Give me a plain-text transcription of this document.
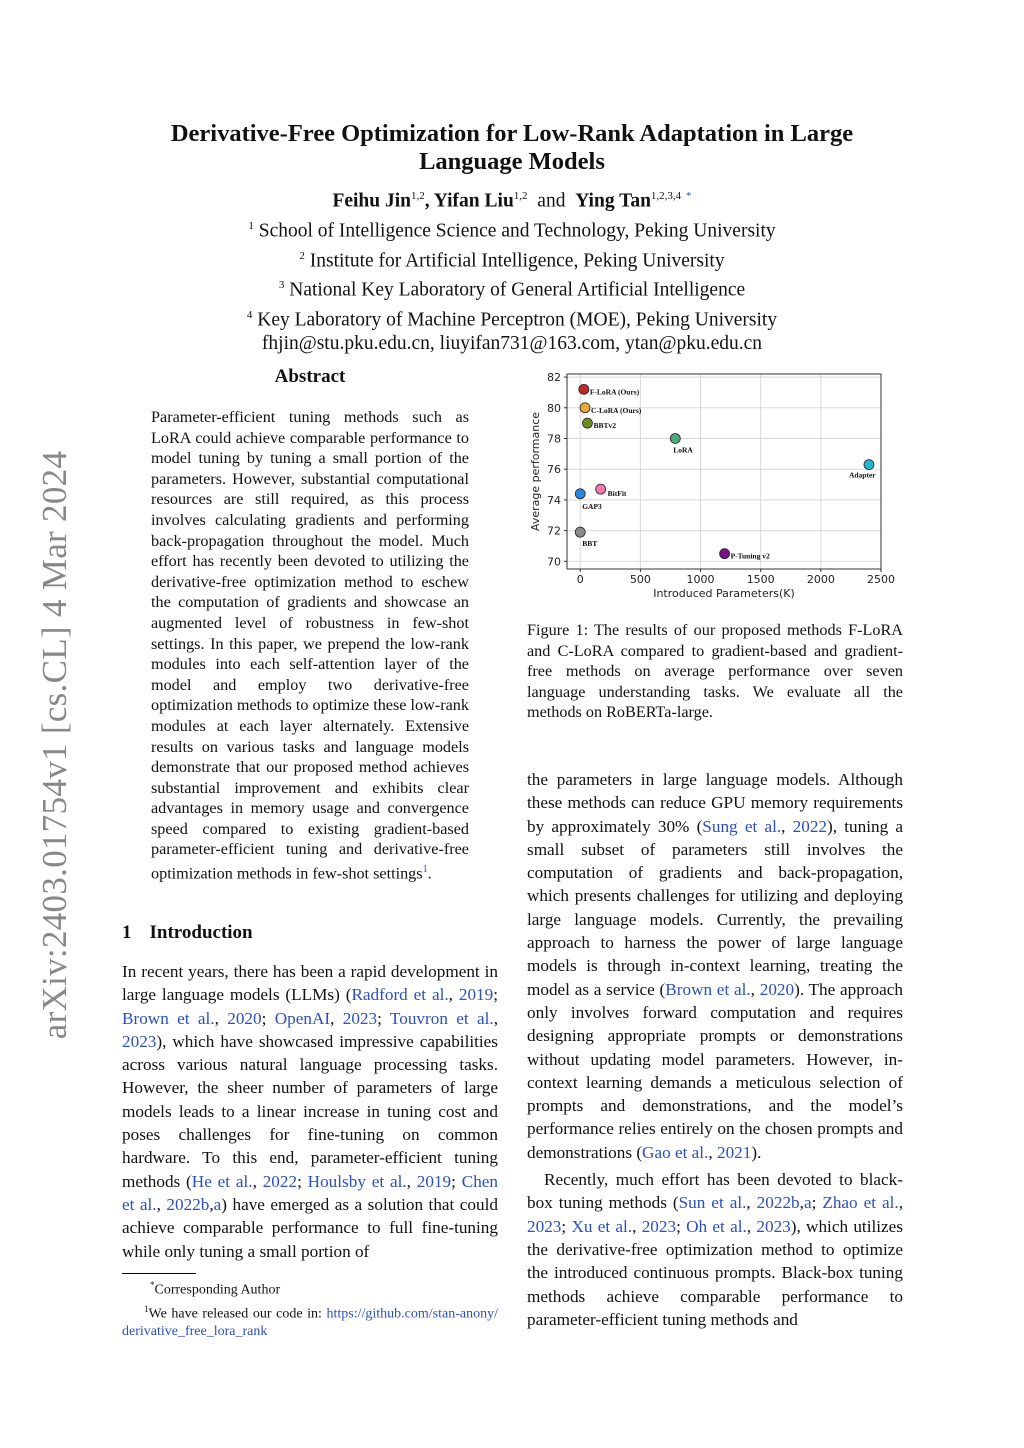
arXiv:2403.01754v1 [cs.CL] 4 Mar 2024
Derivative-Free Optimization for Low-Rank Adaptation in Large Language Models
Feihu Jin$^{1,2}$, Yifan Liu$^{1,2}$ and Ying Tan$^{1,2,3,4}$ *
$^1$ School of Intelligence Science and Technology, Peking University
$^2$ Institute for Artificial Intelligence, Peking University
$^3$ National Key Laboratory of General Artificial Intelligence
$^4$ Key Laboratory of Machine Perceptron (MOE), Peking University
fhjin@stu.pku.edu.cn, liuyifan731@163.com, ytan@pku.edu.cn
Abstract
Parameter-efficient tuning methods such as LoRA could achieve comparable performance to model tuning by tuning a small portion of the parameters. However, substantial computational resources are still required, as this process involves calculating gradients and performing back-propagation throughout the model. Much effort has recently been devoted to utilizing the derivative-free optimization method to eschew the computation of gradients and showcase an augmented level of robustness in few-shot settings. In this paper, we prepend the low-rank modules into each self-attention layer of the model and employ two derivative-free optimization methods to optimize these low-rank modules at each layer alternately. Extensive results on various tasks and language models demonstrate that our proposed method achieves substantial improvement and exhibits clear advantages in memory usage and convergence speed compared to existing gradient-based parameter-efficient tuning and derivative-free optimization methods in few-shot settings$^1$.
1 Introduction
In recent years, there has been a rapid development in large language models (LLMs) (Radford et al., 2019; Brown et al., 2020; OpenAI, 2023; Touvron et al., 2023), which have showcased impressive capabilities across various natural language processing tasks. However, the sheer number of parameters of large models leads to a linear increase in tuning cost and poses challenges for fine-tuning on common hardware. To this end, parameter-efficient tuning methods (He et al., 2022; Houlsby et al., 2019; Chen et al., 2022b,a) have emerged as a solution that could achieve comparable performance to full fine-tuning while only tuning a small portion of
*Corresponding Author
$^1$We have released our code in: https://github.com/stan-anony/derivative_free_lora_rank
0	500	1000	1500	2000	2500
70
72
74
76
78
80
82
Introduced Parameters(K)
Average performance
F-LoRA (Ours)
C-LoRA (Ours)
BBTv2
LoRA
Adapter
BitFit
GAP3
BBT
P-Tuning v2
Figure 1: The results of our proposed methods F-LoRA and C-LoRA compared to gradient-based and gradient-free methods on average performance over seven language understanding tasks. We evaluate all the methods on RoBERTa-large.

the parameters in large language models. Although these methods can reduce GPU memory requirements by approximately 30% (Sung et al., 2022), tuning a small subset of parameters still involves the computation of gradients and back-propagation, which presents challenges for utilizing and deploying large language models. Currently, the prevailing approach to harness the power of large language models is through in-context learning, treating the model as a service (Brown et al., 2020). The approach only involves forward computation and requires designing appropriate prompts or demonstrations without updating model parameters. However, in-context learning demands a meticulous selection of prompts and demonstrations, and the model’s performance relies entirely on the chosen prompts and demonstrations (Gao et al., 2021).

Recently, much effort has been devoted to black-box tuning methods (Sun et al., 2022b,a; Zhao et al., 2023; Xu et al., 2023; Oh et al., 2023), which utilizes the derivative-free optimization method to optimize the introduced continuous prompts. Black-box tuning methods achieve comparable performance to parameter-efficient tuning methods and
